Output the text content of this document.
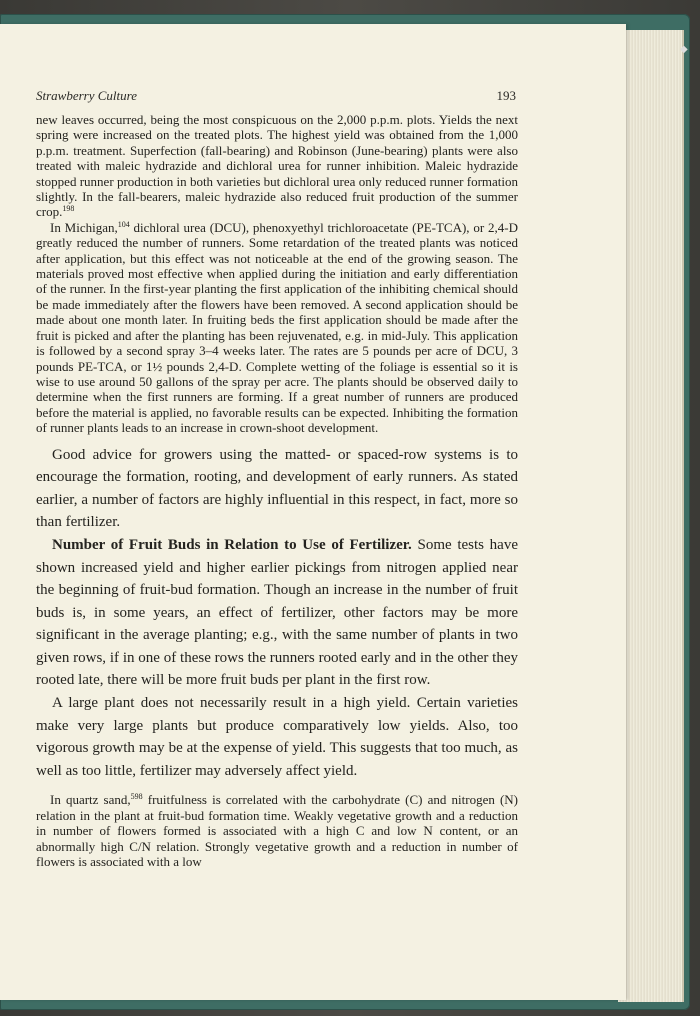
◆
Strawberry Culture	193

new leaves occurred, being the most conspicuous on the 2,000 p.p.m. plots. Yields the next spring were increased on the treated plots. The highest yield was obtained from the 1,000 p.p.m. treatment. Superfection (fall-bearing) and Robinson (June-bearing) plants were also treated with maleic hydrazide and dichloral urea for runner inhibition. Maleic hydrazide stopped runner production in both varieties but dichloral urea only reduced runner formation slightly. In the fall-bearers, maleic hydrazide also reduced fruit production of the summer crop.$^{198}$

In Michigan,$^{104}$ dichloral urea (DCU), phenoxyethyl trichloroacetate (PE-TCA), or 2,4-D greatly reduced the number of runners. Some retardation of the treated plants was noticed after application, but this effect was not noticeable at the end of the growing season. The materials proved most effective when applied during the initiation and early differentiation of the runner. In the first-year planting the first application of the inhibiting chemical should be made immediately after the flowers have been removed. A second application should be made about one month later. In fruiting beds the first application should be made after the fruit is picked and after the planting has been rejuvenated, e.g. in mid-July. This application is followed by a second spray 3–4 weeks later. The rates are 5 pounds per acre of DCU, 3 pounds PE-TCA, or 1½ pounds 2,4-D. Complete wetting of the foliage is essential so it is wise to use around 50 gallons of the spray per acre. The plants should be observed daily to determine when the first runners are forming. If a great number of runners are produced before the material is applied, no favorable results can be expected. Inhibiting the formation of runner plants leads to an increase in crown-shoot development.

Good advice for growers using the matted- or spaced-row systems is to encourage the formation, rooting, and development of early runners. As stated earlier, a number of factors are highly influential in this respect, in fact, more so than fertilizer.

Number of Fruit Buds in Relation to Use of Fertilizer. Some tests have shown increased yield and higher earlier pickings from nitrogen applied near the beginning of fruit-bud formation. Though an increase in the number of fruit buds is, in some years, an effect of fertilizer, other factors may be more significant in the average planting; e.g., with the same number of plants in two given rows, if in one of these rows the runners rooted early and in the other they rooted late, there will be more fruit buds per plant in the first row.

A large plant does not necessarily result in a high yield. Certain varieties make very large plants but produce comparatively low yields. Also, too vigorous growth may be at the expense of yield. This suggests that too much, as well as too little, fertilizer may adversely affect yield.

In quartz sand,$^{598}$ fruitfulness is correlated with the carbohydrate (C) and nitrogen (N) relation in the plant at fruit-bud formation time. Weakly vegetative growth and a reduction in number of flowers formed is associated with a high C and low N content, or an abnormally high C/N relation. Strongly vegetative growth and a reduction in number of flowers is associated with a low
